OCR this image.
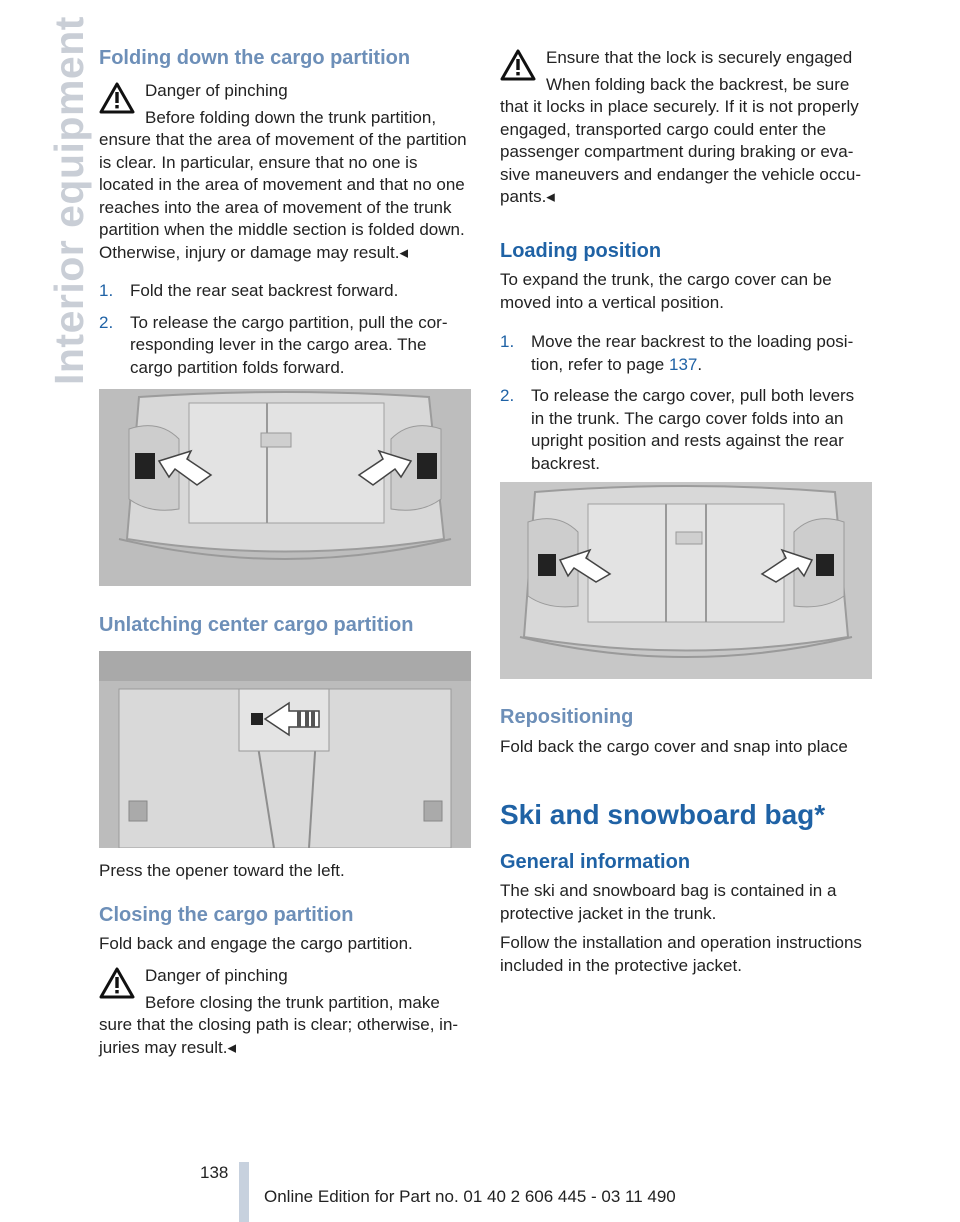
Interior equipment Folding down the cargo partition

Danger of pinching

Before folding down the trunk partition, ensure that the area of movement of the partition is clear. In particular, ensure that no one is located in the area of movement and that no one reaches into the area of movement of the trunk partition when the middle section is folded down. Otherwise, injury or damage may result.◂

1. Fold the rear seat backrest forward.
2. To release the cargo partition, pull the corresponding lever in the cargo area. The cargo partition folds forward.
Unlatching center cargo partition

Press the opener toward the left.

Closing the cargo partition

Fold back and engage the cargo partition.

Danger of pinching

Before closing the trunk partition, make sure that the closing path is clear; otherwise, injuries may result.◂

Ensure that the lock is securely engaged

When folding back the backrest, be sure that it locks in place securely. If it is not properly engaged, transported cargo could enter the passenger compartment during braking or evasive maneuvers and endanger the vehicle occupants.◂

Loading position

To expand the trunk, the cargo cover can be moved into a vertical position.

1. Move the rear backrest to the loading position, refer to page 137.
2. To release the cargo cover, pull both levers in the trunk. The cargo cover folds into an upright position and rests against the rear backrest.
Repositioning

Fold back the cargo cover and snap into place

Ski and snowboard bag*
General information

The ski and snowboard bag is contained in a protective jacket in the trunk.

Follow the installation and operation instructions included in the protective jacket.

138
Online Edition for Part no. 01 40 2 606 445 - 03 11 490
